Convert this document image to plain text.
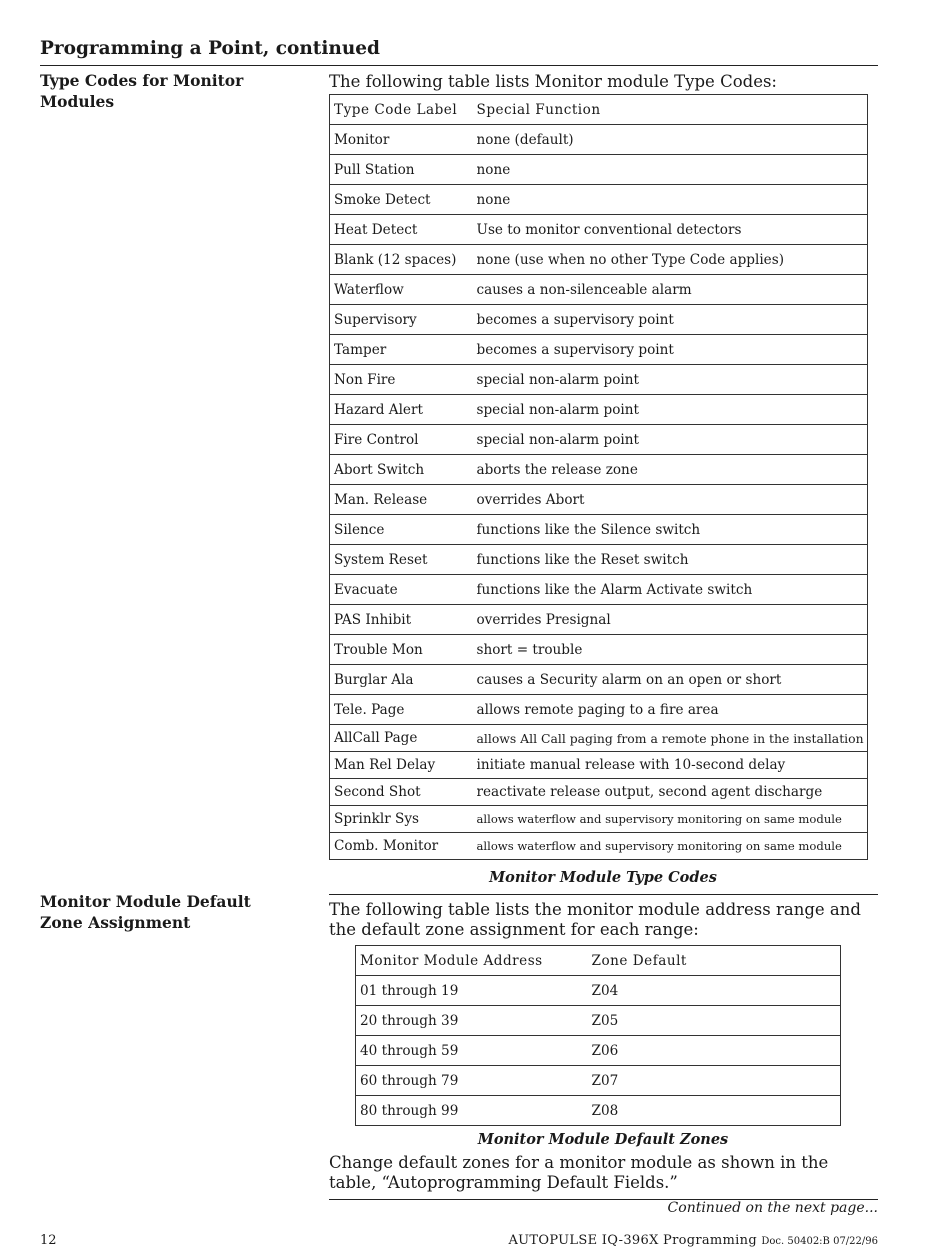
Programming a Point, continued
Type Codes for Monitor Modules

The following table lists Monitor module Type Codes:

Type Code Label	Special Function
Monitor	none (default)
Pull Station	none
Smoke Detect	none
Heat Detect	Use to monitor conventional detectors
Blank (12 spaces)	none (use when no other Type Code applies)
Waterflow	causes a non-silenceable alarm
Supervisory	becomes a supervisory point
Tamper	becomes a supervisory point
Non Fire	special non-alarm point
Hazard Alert	special non-alarm point
Fire Control	special non-alarm point
Abort Switch	aborts the release zone
Man. Release	overrides Abort
Silence	functions like the Silence switch
System Reset	functions like the Reset switch
Evacuate	functions like the Alarm Activate switch
PAS Inhibit	overrides Presignal
Trouble Mon	short = trouble
Burglar Ala	causes a Security alarm on an open or short
Tele. Page	allows remote paging to a fire area
AllCall Page	allows All Call paging from a remote phone in the installation
Man Rel Delay	initiate manual release with 10-second delay
Second Shot	reactivate release output, second agent discharge
Sprinklr Sys	allows waterflow and supervisory monitoring on same module
Comb. Monitor	allows waterflow and supervisory monitoring on same module

Monitor Module Type Codes

Monitor Module Default Zone Assignment

The following table lists the monitor module address range and the default zone assignment for each range:

Monitor Module Address	Zone Default
01 through 19	Z04
20 through 39	Z05
40 through 59	Z06
60 through 79	Z07
80 through 99	Z08

Monitor Module Default Zones

Change default zones for a monitor module as shown in the table, “Autoprogramming Default Fields.”

Continued on the next page...

12	AUTOPULSE IQ-396X Programming Doc. 50402:B 07/22/96
